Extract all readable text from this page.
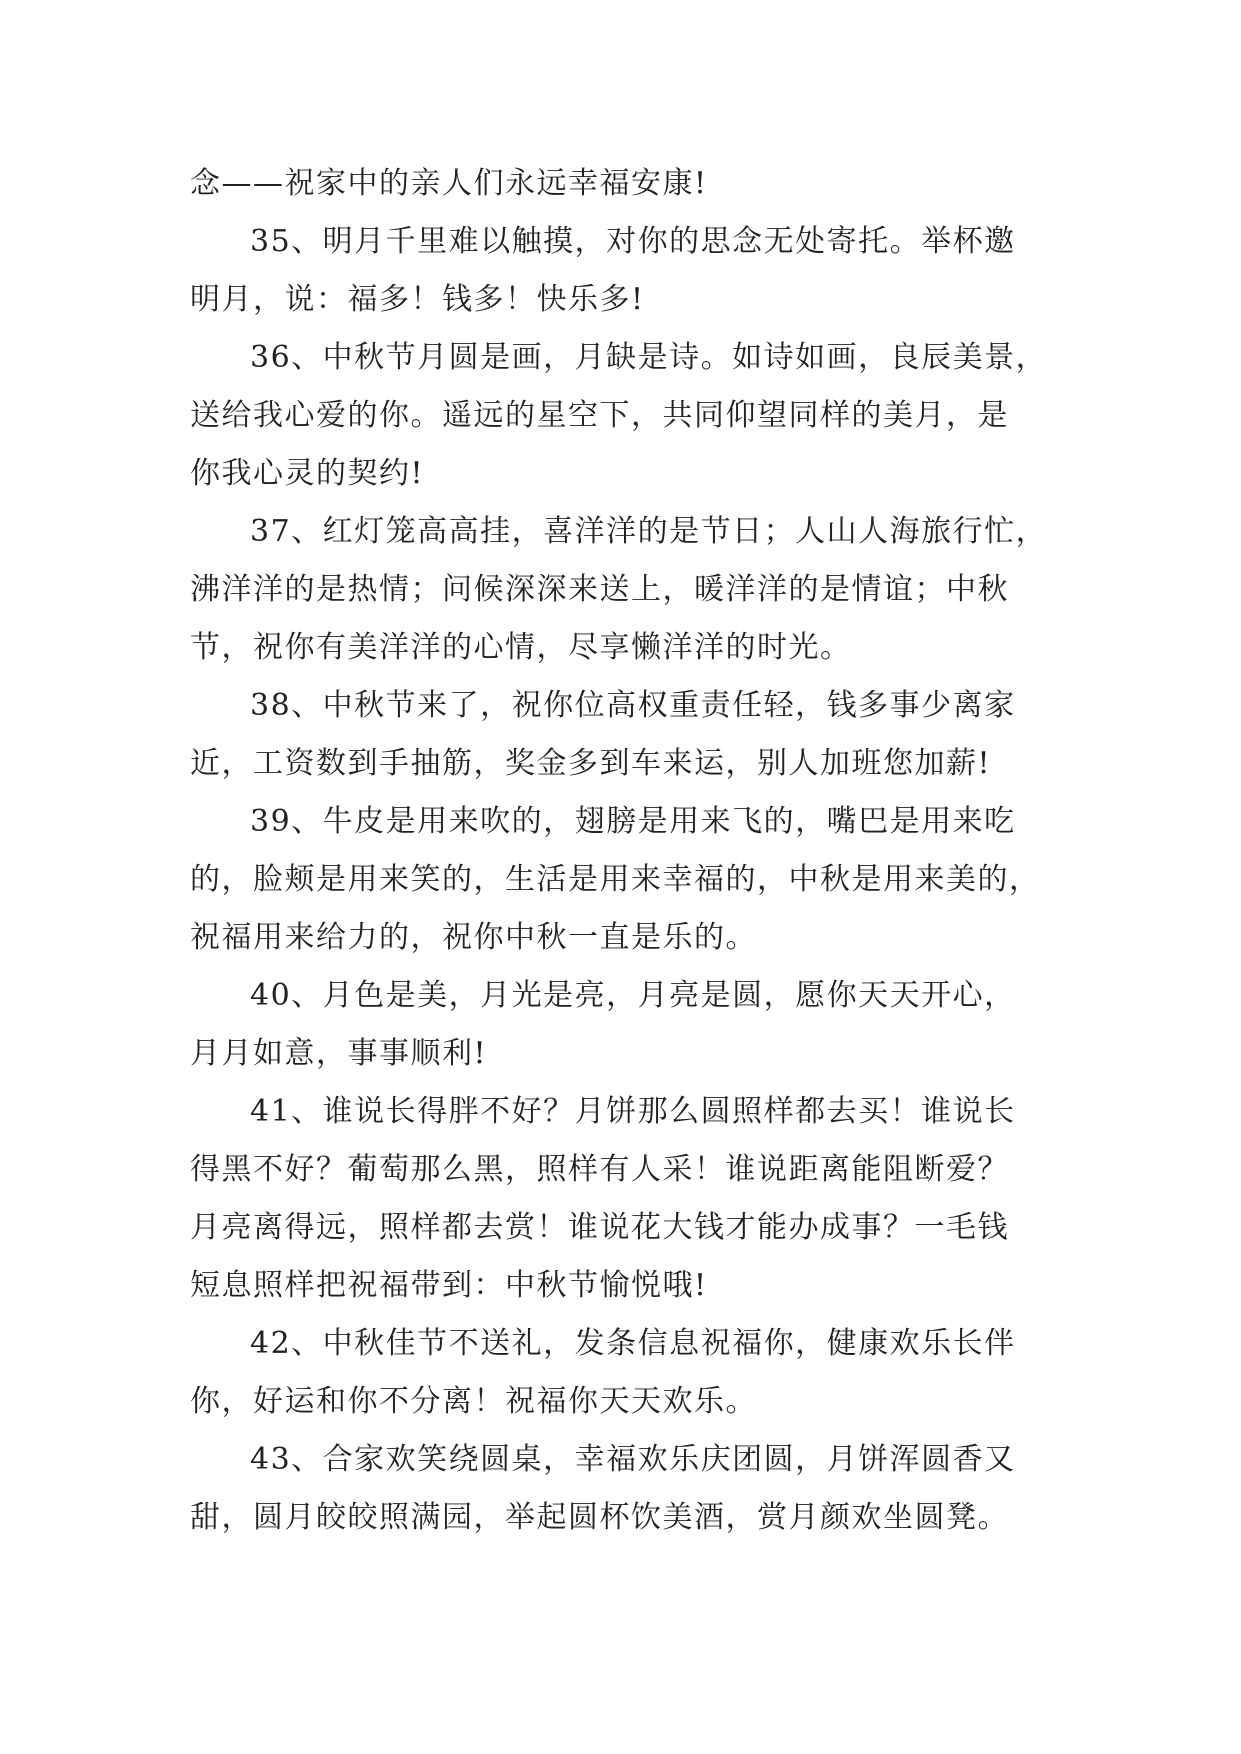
念——祝家中的亲人们永远幸福安康!
35、明月千里难以触摸，对你的思念无处寄托。举杯邀
明月，说：福多！钱多！快乐多!
36、中秋节月圆是画，月缺是诗。如诗如画，良辰美景，
送给我心爱的你。遥远的星空下，共同仰望同样的美月，是
你我心灵的契约!
37、红灯笼高高挂，喜洋洋的是节日；人山人海旅行忙，
沸洋洋的是热情；问候深深来送上，暖洋洋的是情谊；中秋
节，祝你有美洋洋的心情，尽享懒洋洋的时光。
38、中秋节来了，祝你位高权重责任轻，钱多事少离家
近，工资数到手抽筋，奖金多到车来运，别人加班您加薪!
39、牛皮是用来吹的，翅膀是用来飞的，嘴巴是用来吃
的，脸颊是用来笑的，生活是用来幸福的，中秋是用来美的，
祝福用来给力的，祝你中秋一直是乐的。
40、月色是美，月光是亮，月亮是圆，愿你天天开心，
月月如意，事事顺利!
41、谁说长得胖不好？月饼那么圆照样都去买！谁说长
得黑不好？葡萄那么黑，照样有人采！谁说距离能阻断爱？
月亮离得远，照样都去赏！谁说花大钱才能办成事？一毛钱
短息照样把祝福带到：中秋节愉悦哦!
42、中秋佳节不送礼，发条信息祝福你，健康欢乐长伴
你，好运和你不分离！祝福你天天欢乐。
43、合家欢笑绕圆桌，幸福欢乐庆团圆，月饼浑圆香又
甜，圆月皎皎照满园，举起圆杯饮美酒，赏月颜欢坐圆凳。
